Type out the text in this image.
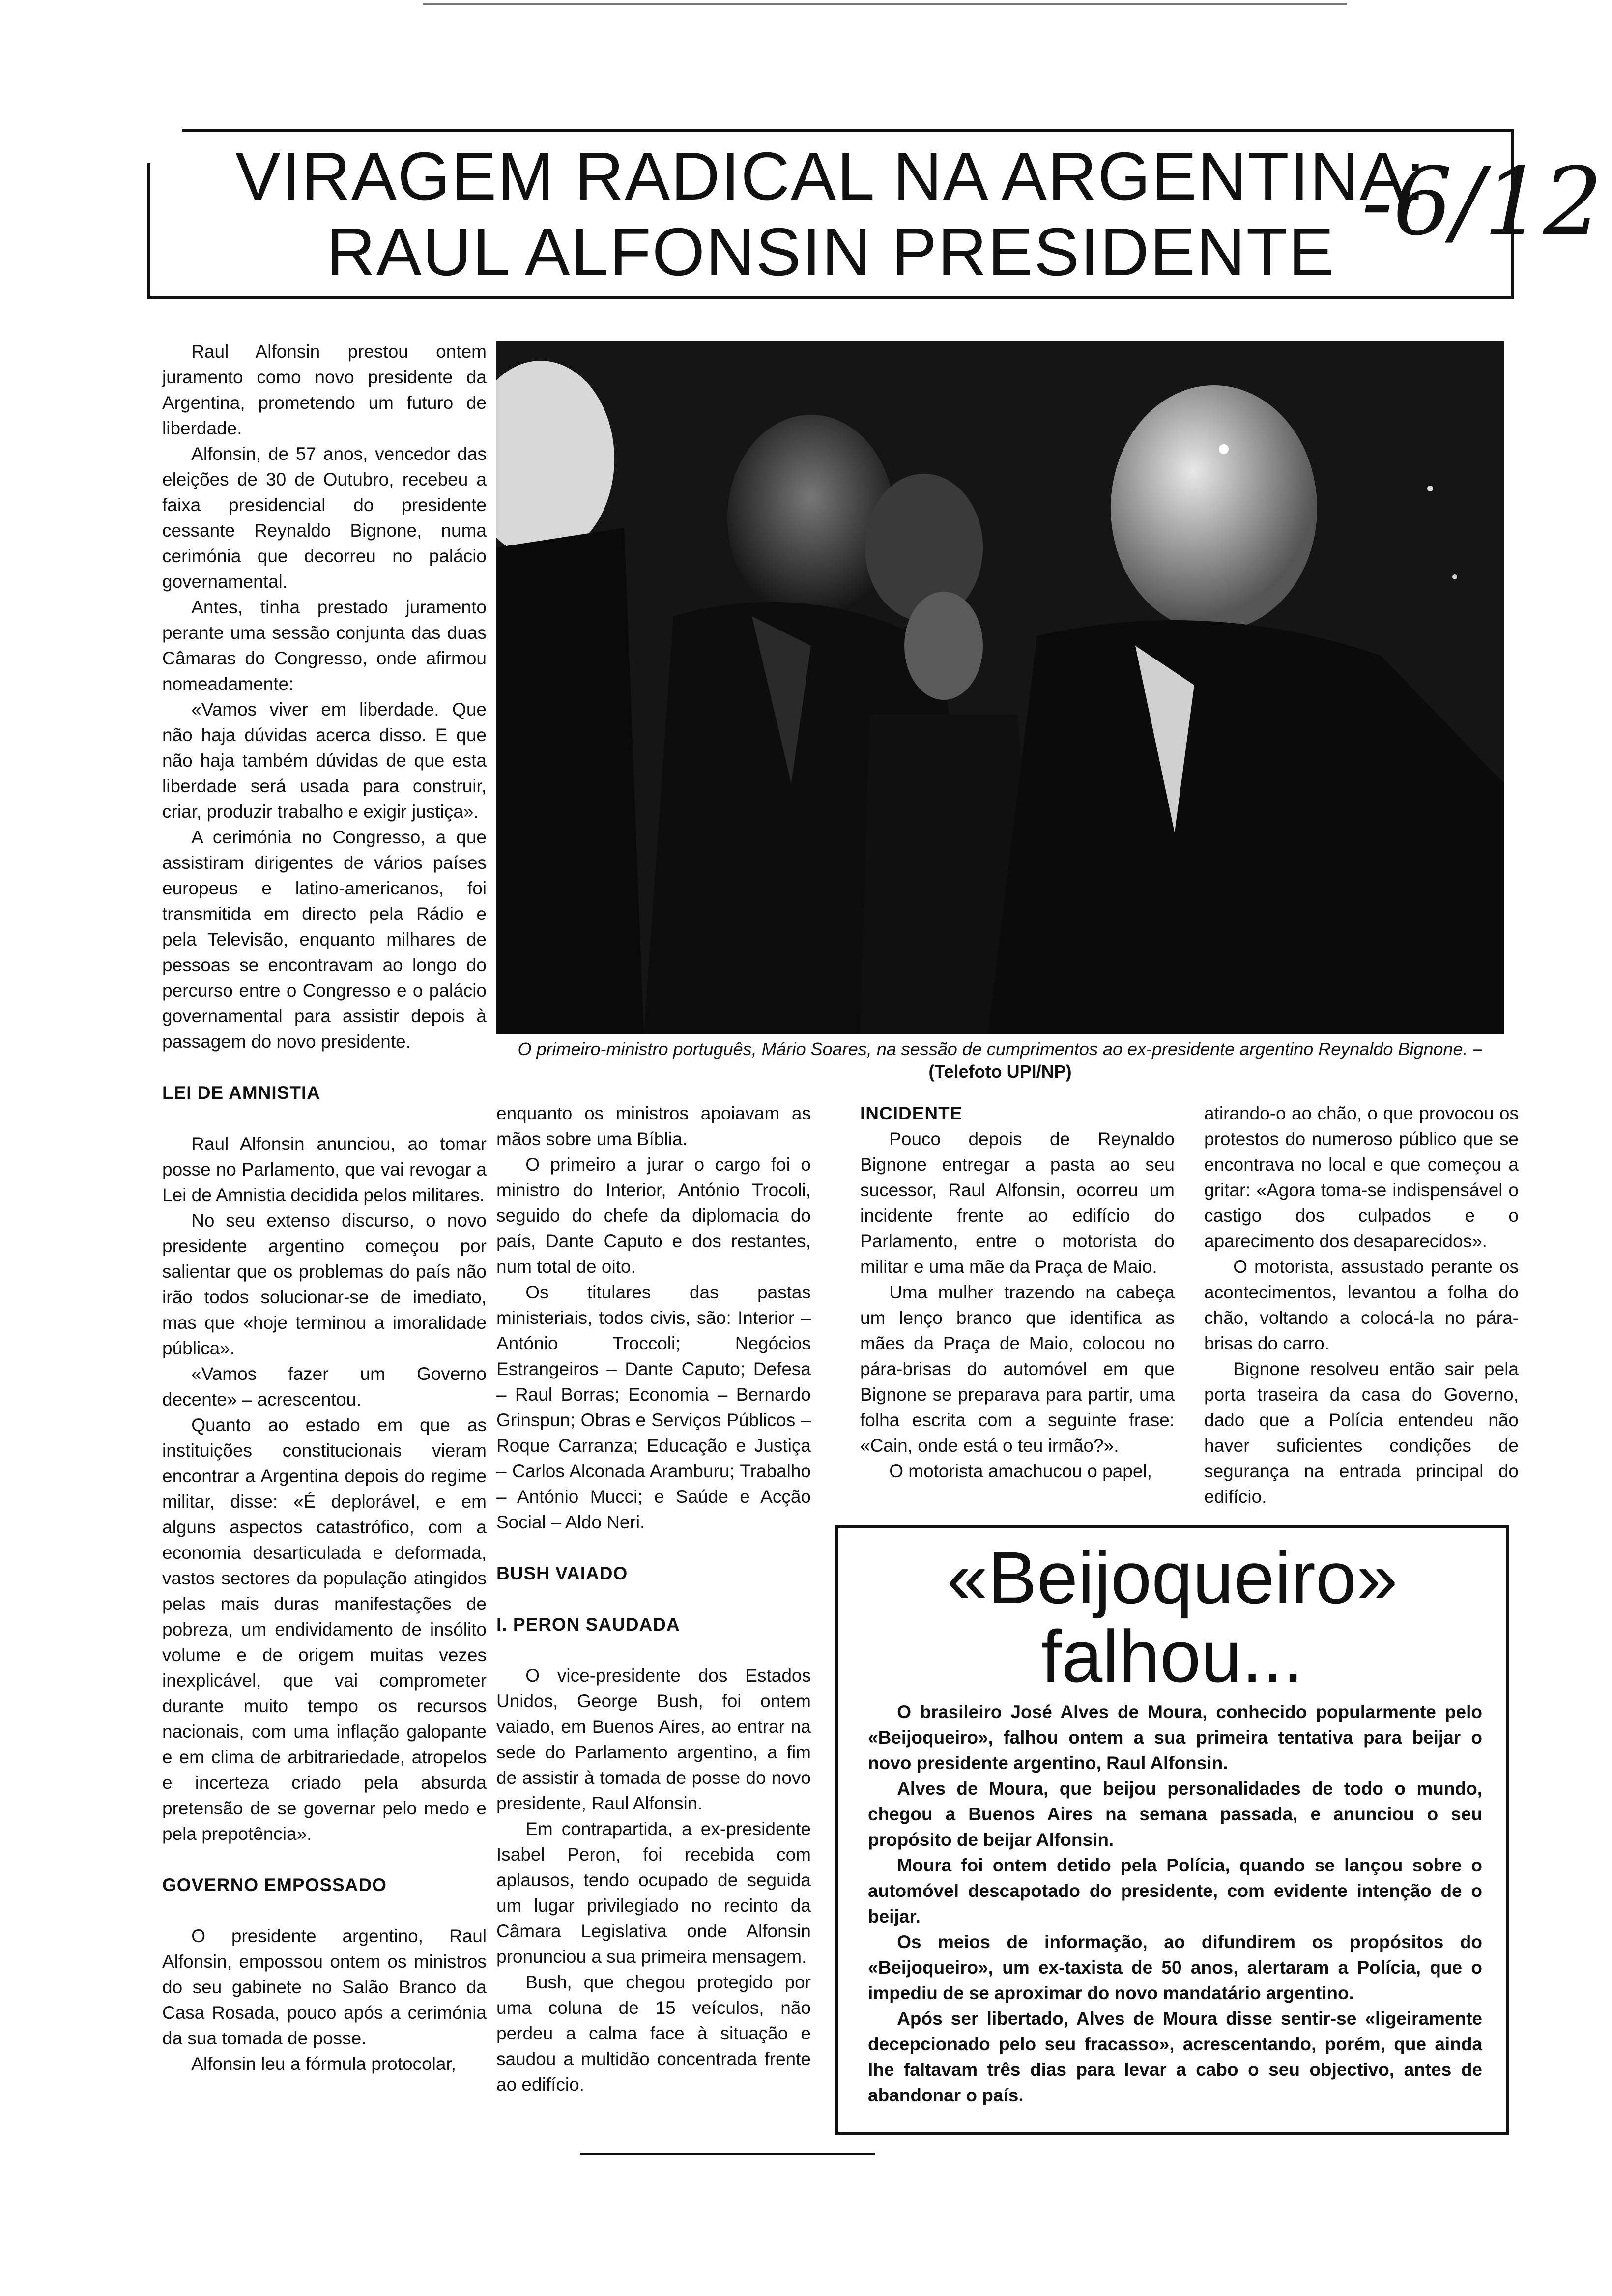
VIRAGEM RADICAL NA ARGENTINA:
RAUL ALFONSIN PRESIDENTE -6/12

Raul Alfonsin prestou ontem juramento como novo presidente da Argentina, prometendo um futuro de liberdade.

Alfonsin, de 57 anos, vencedor das eleições de 30 de Outubro, recebeu a faixa presidencial do presidente cessante Reynaldo Bignone, numa cerimónia que decorreu no palácio governamental.

Antes, tinha prestado juramento perante uma sessão conjunta das duas Câmaras do Congresso, onde afirmou nomeadamente:

«Vamos viver em liberdade. Que não haja dúvidas acerca disso. E que não haja também dúvidas de que esta liberdade será usada para construir, criar, produzir trabalho e exigir justiça».

A cerimónia no Congresso, a que assistiram dirigentes de vários países europeus e latino-americanos, foi transmitida em directo pela Rádio e pela Televisão, enquanto milhares de pessoas se encontravam ao longo do percurso entre o Congresso e o palácio governamental para assistir depois à passagem do novo presidente.

LEI DE AMNISTIA

Raul Alfonsin anunciou, ao tomar posse no Parlamento, que vai revogar a Lei de Amnistia decidida pelos militares.

No seu extenso discurso, o novo presidente argentino começou por salientar que os problemas do país não irão todos solucionar-se de imediato, mas que «hoje terminou a imoralidade pública».

«Vamos fazer um Governo decente» – acrescentou.

Quanto ao estado em que as instituições constitucionais vieram encontrar a Argentina depois do regime militar, disse: «É deplorável, e em alguns aspectos catastrófico, com a economia desarticulada e deformada, vastos sectores da população atingidos pelas mais duras manifestações de pobreza, um endividamento de insólito volume e de origem muitas vezes inexplicável, que vai comprometer durante muito tempo os recursos nacionais, com uma inflação galopante e em clima de arbitrariedade, atropelos e incerteza criado pela absurda pretensão de se governar pelo medo e pela prepotência».

GOVERNO EMPOSSADO

O presidente argentino, Raul Alfonsin, empossou ontem os ministros do seu gabinete no Salão Branco da Casa Rosada, pouco após a cerimónia da sua tomada de posse.

Alfonsin leu a fórmula protocolar,

O primeiro-ministro português, Mário Soares, na sessão de cumprimentos ao ex-presidente argentino Reynaldo Bignone. – (Telefoto UPI/NP)

enquanto os ministros apoiavam as mãos sobre uma Bíblia.

O primeiro a jurar o cargo foi o ministro do Interior, António Trocoli, seguido do chefe da diplomacia do país, Dante Caputo e dos restantes, num total de oito.

Os titulares das pastas ministeriais, todos civis, são: Interior – António Troccoli; Negócios Estrangeiros – Dante Caputo; Defesa – Raul Borras; Economia – Bernardo Grinspun; Obras e Serviços Públicos – Roque Carranza; Educação e Justiça – Carlos Alconada Aramburu; Trabalho – António Mucci; e Saúde e Acção Social – Aldo Neri.

BUSH VAIADO
I. PERON SAUDADA

O vice-presidente dos Estados Unidos, George Bush, foi ontem vaiado, em Buenos Aires, ao entrar na sede do Parlamento argentino, a fim de assistir à tomada de posse do novo presidente, Raul Alfonsin.

Em contrapartida, a ex-presidente Isabel Peron, foi recebida com aplausos, tendo ocupado de seguida um lugar privilegiado no recinto da Câmara Legislativa onde Alfonsin pronunciou a sua primeira mensagem.

Bush, que chegou protegido por uma coluna de 15 veículos, não perdeu a calma face à situação e saudou a multidão concentrada frente ao edifício.

INCIDENTE

Pouco depois de Reynaldo Bignone entregar a pasta ao seu sucessor, Raul Alfonsin, ocorreu um incidente frente ao edifício do Parlamento, entre o motorista do militar e uma mãe da Praça de Maio.

Uma mulher trazendo na cabeça um lenço branco que identifica as mães da Praça de Maio, colocou no pára-brisas do automóvel em que Bignone se preparava para partir, uma folha escrita com a seguinte frase: «Cain, onde está o teu irmão?».

O motorista amachucou o papel,

atirando-o ao chão, o que provocou os protestos do numeroso público que se encontrava no local e que começou a gritar: «Agora toma-se indispensável o castigo dos culpados e o aparecimento dos desaparecidos».

O motorista, assustado perante os acontecimentos, levantou a folha do chão, voltando a colocá-la no pára-brisas do carro.

Bignone resolveu então sair pela porta traseira da casa do Governo, dado que a Polícia entendeu não haver suficientes condições de segurança na entrada principal do edifício.

«Beijoqueiro»
falhou...

O brasileiro José Alves de Moura, conhecido popularmente pelo «Beijoqueiro», falhou ontem a sua primeira tentativa para beijar o novo presidente argentino, Raul Alfonsin.

Alves de Moura, que beijou personalidades de todo o mundo, chegou a Buenos Aires na semana passada, e anunciou o seu propósito de beijar Alfonsin.

Moura foi ontem detido pela Polícia, quando se lançou sobre o automóvel descapotado do presidente, com evidente intenção de o beijar.

Os meios de informação, ao difundirem os propósitos do «Beijoqueiro», um ex-taxista de 50 anos, alertaram a Polícia, que o impediu de se aproximar do novo mandatário argentino.

Após ser libertado, Alves de Moura disse sentir-se «ligeiramente decepcionado pelo seu fracasso», acrescentando, porém, que ainda lhe faltavam três dias para levar a cabo o seu objectivo, antes de abandonar o país.
